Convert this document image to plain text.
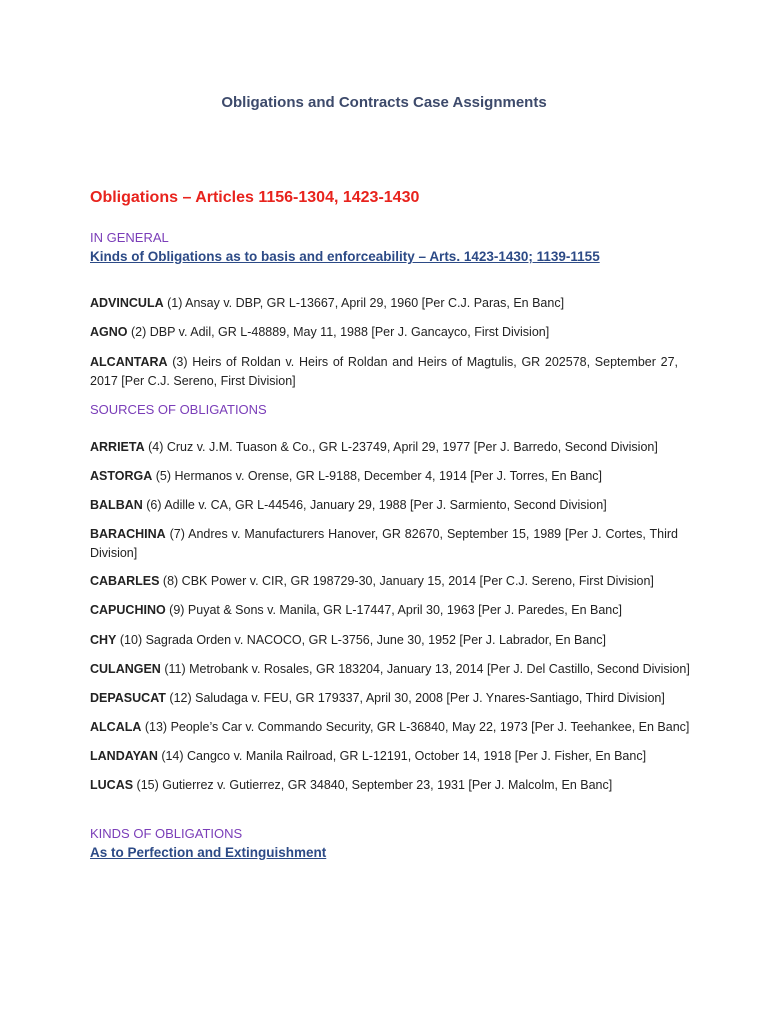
Obligations and Contracts Case Assignments
Obligations – Articles 1156-1304, 1423-1430
IN GENERAL
Kinds of Obligations as to basis and enforceability – Arts. 1423-1430; 1139-1155
ADVINCULA (1) Ansay v. DBP, GR L-13667, April 29, 1960 [Per C.J. Paras, En Banc]
AGNO (2) DBP v. Adil, GR L-48889, May 11, 1988 [Per J. Gancayco, First Division]
ALCANTARA (3) Heirs of Roldan v. Heirs of Roldan and Heirs of Magtulis, GR 202578, September 27, 2017 [Per C.J. Sereno, First Division]
SOURCES OF OBLIGATIONS
ARRIETA (4) Cruz v. J.M. Tuason & Co., GR L-23749, April 29, 1977 [Per J. Barredo, Second Division]
ASTORGA (5) Hermanos v. Orense, GR L-9188, December 4, 1914 [Per J. Torres, En Banc]
BALBAN (6) Adille v. CA, GR L-44546, January 29, 1988 [Per J. Sarmiento, Second Division]
BARACHINA (7) Andres v. Manufacturers Hanover, GR 82670, September 15, 1989 [Per J. Cortes, Third Division]
CABARLES (8) CBK Power v. CIR, GR 198729-30, January 15, 2014 [Per C.J. Sereno, First Division]
CAPUCHINO (9) Puyat & Sons v. Manila, GR L-17447, April 30, 1963 [Per J. Paredes, En Banc]
CHY (10) Sagrada Orden v. NACOCO, GR L-3756, June 30, 1952 [Per J. Labrador, En Banc]
CULANGEN (11) Metrobank v. Rosales, GR 183204, January 13, 2014 [Per J. Del Castillo, Second Division]
DEPASUCAT (12) Saludaga v. FEU, GR 179337, April 30, 2008 [Per J. Ynares-Santiago, Third Division]
ALCALA (13) People’s Car v. Commando Security, GR L-36840, May 22, 1973 [Per J. Teehankee, En Banc]
LANDAYAN (14) Cangco v. Manila Railroad, GR L-12191, October 14, 1918 [Per J. Fisher, En Banc]
LUCAS (15) Gutierrez v. Gutierrez, GR 34840, September 23, 1931 [Per J. Malcolm, En Banc]
KINDS OF OBLIGATIONS
As to Perfection and Extinguishment
